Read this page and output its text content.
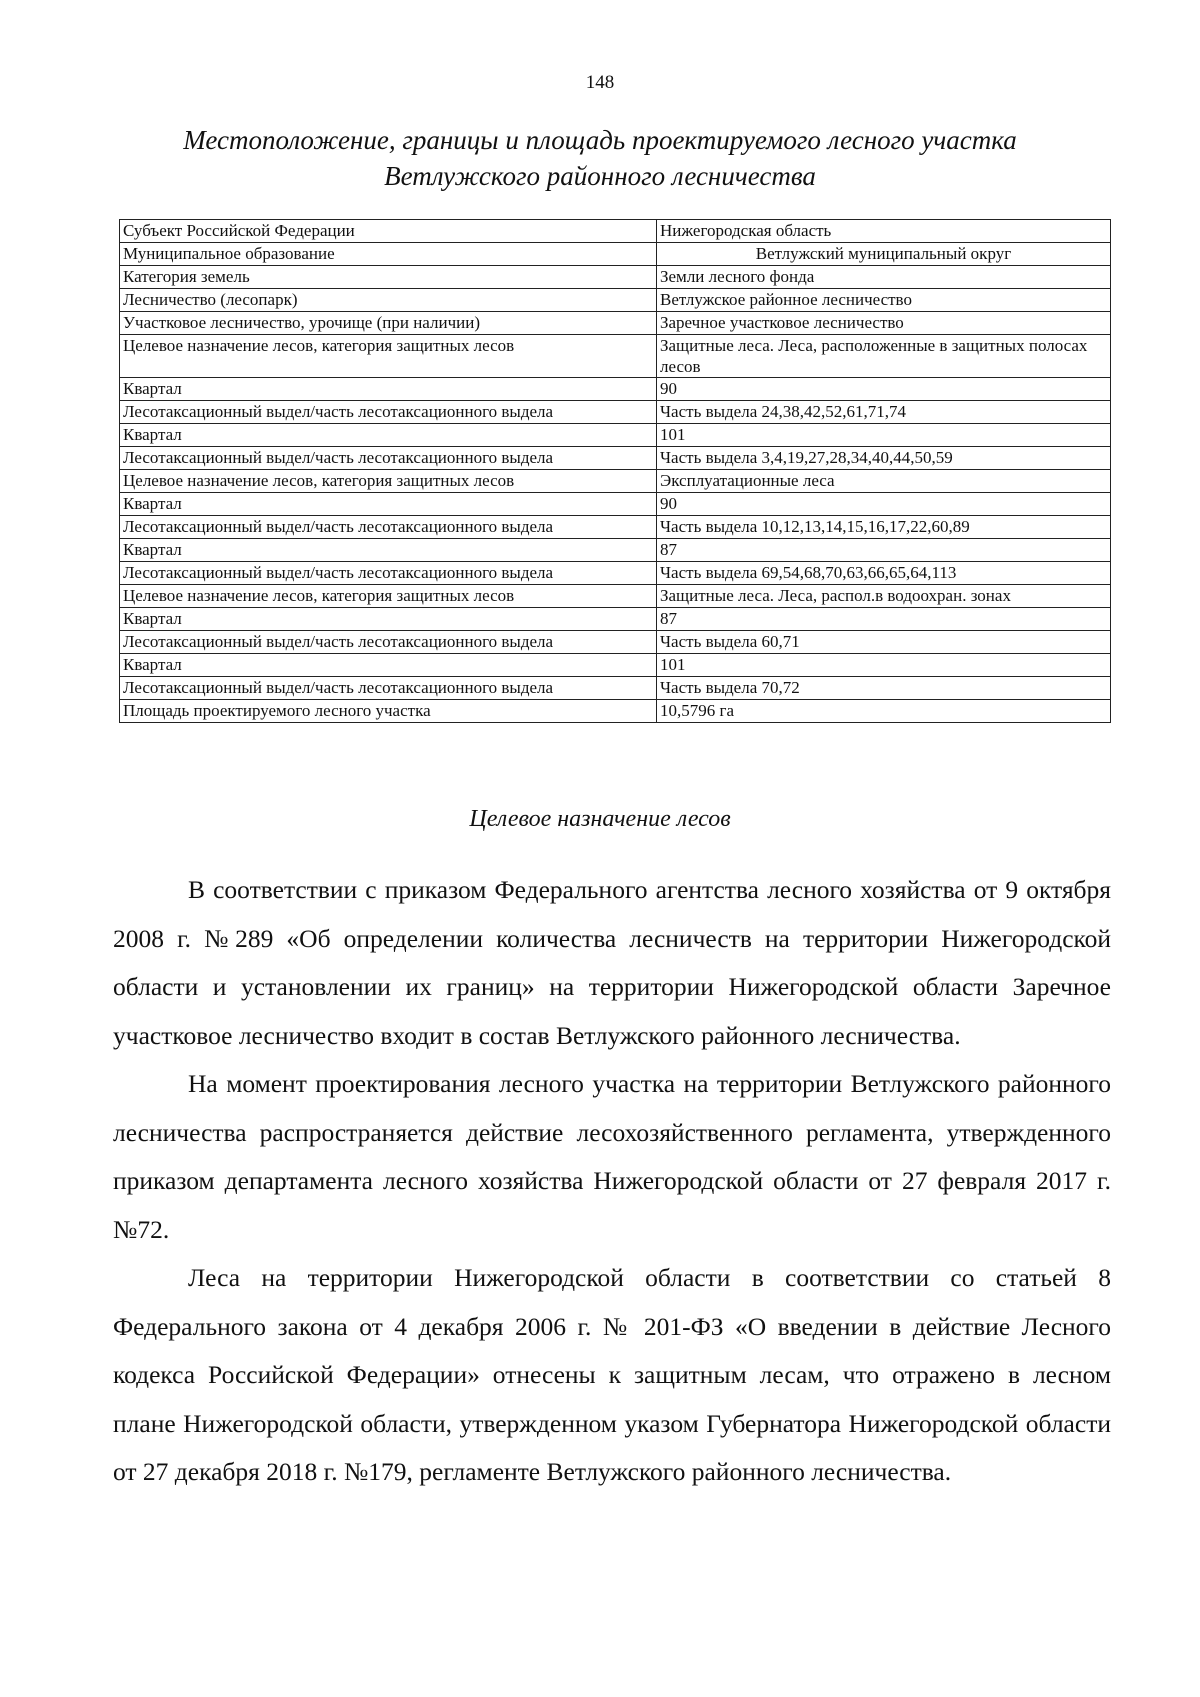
148
Местоположение, границы и площадь проектируемого лесного участка
Ветлужского районного лесничества
Субъект Российской Федерации	Нижегородская область
Муниципальное образование	Ветлужский муниципальный округ
Категория земель	Земли лесного фонда
Лесничество (лесопарк)	Ветлужское районное лесничество
Участковое лесничество, урочище (при наличии)	Заречное участковое лесничество
Целевое назначение лесов, категория защитных лесов	Защитные леса. Леса, расположенные в защитных полосах лесов
Квартал	90
Лесотаксационный выдел/часть лесотаксационного выдела	Часть выдела 24,38,42,52,61,71,74
Квартал	101
Лесотаксационный выдел/часть лесотаксационного выдела	Часть выдела 3,4,19,27,28,34,40,44,50,59
Целевое назначение лесов, категория защитных лесов	Эксплуатационные леса
Квартал	90
Лесотаксационный выдел/часть лесотаксационного выдела	Часть выдела 10,12,13,14,15,16,17,22,60,89
Квартал	87
Лесотаксационный выдел/часть лесотаксационного выдела	Часть выдела 69,54,68,70,63,66,65,64,113
Целевое назначение лесов, категория защитных лесов	Защитные леса. Леса, распол.в водоохран. зонах
Квартал	87
Лесотаксационный выдел/часть лесотаксационного выдела	Часть выдела 60,71
Квартал	101
Лесотаксационный выдел/часть лесотаксационного выдела	Часть выдела 70,72
Площадь проектируемого лесного участка	10,5796 га
Целевое назначение лесов

В соответствии с приказом Федерального агентства лесного хозяйства от 9 октября 2008 г. №289 «Об определении количества лесничеств на территории Нижегородской области и установлении их границ» на территории Нижегородской области Заречное участковое лесничество входит в состав Ветлужского районного лесничества.

На момент проектирования лесного участка на территории Ветлужского районного лесничества распространяется действие лесохозяйственного регламента, утвержденного приказом департамента лесного хозяйства Нижегородской области от 27 февраля 2017 г. №72.

Леса на территории Нижегородской области в соответствии со статьей 8 Федерального закона от 4 декабря 2006 г. № 201-ФЗ «О введении в действие Лесного кодекса Российской Федерации» отнесены к защитным лесам, что отражено в лесном плане Нижегородской области, утвержденном указом Губернатора Нижегородской области от 27 декабря 2018 г. №179, регламенте Ветлужского районного лесничества.
